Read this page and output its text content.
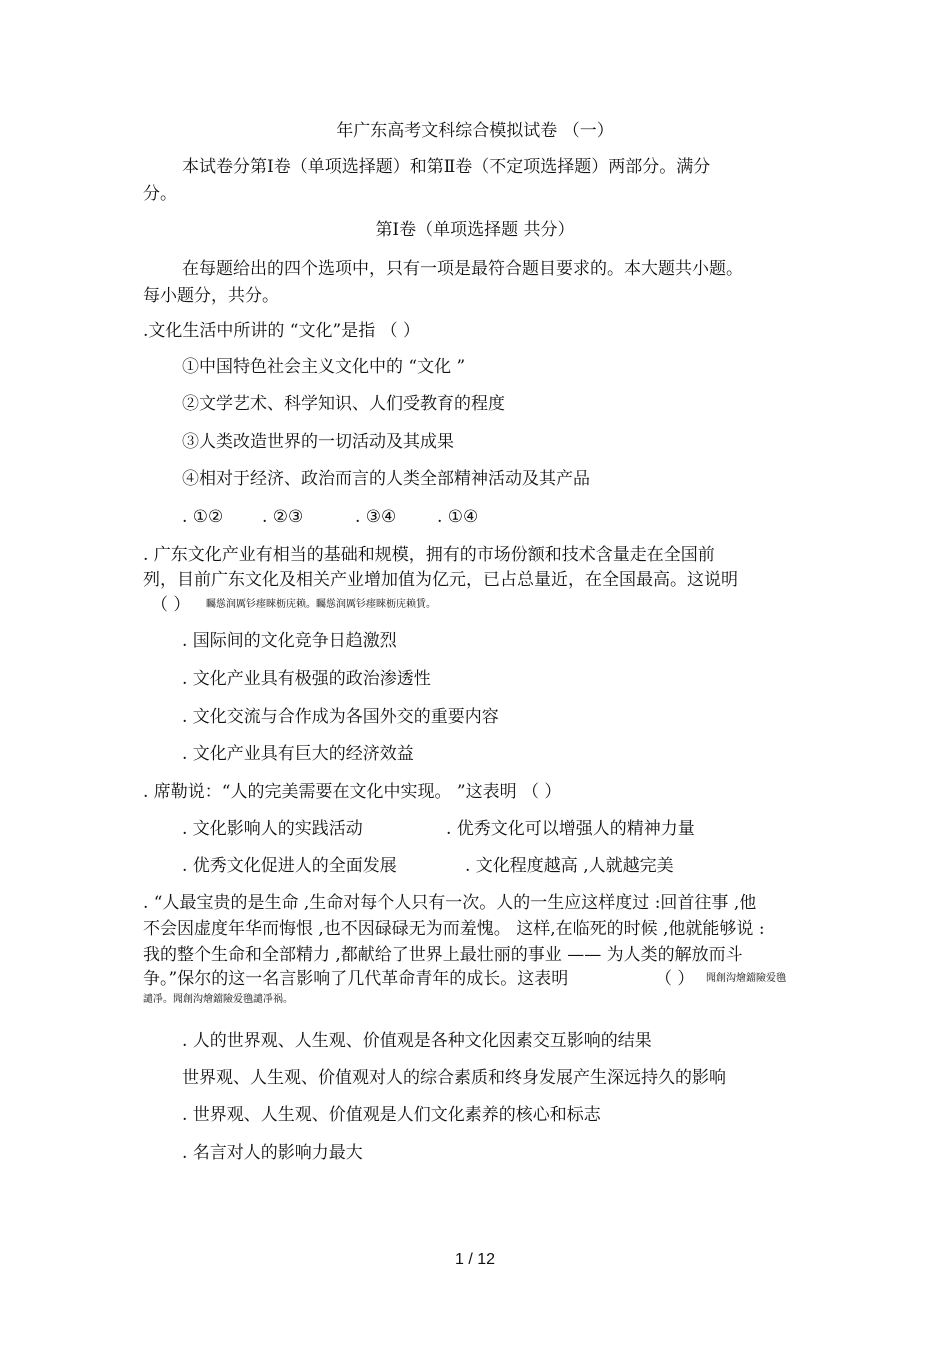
年广东高考文科综合模拟试卷 （一）
本试卷分第Ⅰ卷（单项选择题）和第Ⅱ卷（不定项选择题）两部分。满分
分。
第Ⅰ卷（单项选择题 共分）
在每题给出的四个选项中，只有一项是最符合题目要求的。本大题共小题。
每小题分，共分。
.文化生活中所讲的 “文化”是指 （ ）
①中国特色社会主义文化中的 “文化 ”
②文学艺术、科学知识、人们受教育的程度
③人类改造世界的一切活动及其成果
④相对于经济、政治而言的人类全部精神活动及其产品
. ①② . ②③	. ③④ . ①④
. 广东文化产业有相当的基础和规模，拥有的市场份额和技术含量走在全国前
列，目前广东文化及相关产业增加值为亿元，已占总量近，在全国最高。这说明
（ ） 矚慫润厲钐瘗睞枥庑赖。矚慫润厲钐瘗睞枥庑赖賃。
. 国际间的文化竞争日趋激烈
. 文化产业具有极强的政治渗透性
. 文化交流与合作成为各国外交的重要内容
. 文化产业具有巨大的经济效益
. 席勒说：“人的完美需要在文化中实现。 ”这表明 （ ）
. 文化影响人的实践活动	. 优秀文化可以增强人的精神力量
. 优秀文化促进人的全面发展	. 文化程度越高 ,人就越完美
. “人最宝贵的是生命 ,生命对每个人只有一次。人的一生应这样度过 :回首往事 ,他
不会因虚度年华而悔恨 ,也不因碌碌无为而羞愧。 这样,在临死的时候 ,他就能够说 :
我的整个生命和全部精力 ,都献给了世界上最壮丽的事业 —— 为人类的解放而斗
争。”保尔的这一名言影响了几代革命青年的成长。这表明	（ ） 聞創沟燴鐺險爱氇
譴凈。聞創沟燴鐺險爱氇譴凈祸。
. 人的世界观、人生观、价值观是各种文化因素交互影响的结果
世界观、人生观、价值观对人的综合素质和终身发展产生深远持久的影响
. 世界观、人生观、价值观是人们文化素养的核心和标志
. 名言对人的影响力最大
1 / 12
